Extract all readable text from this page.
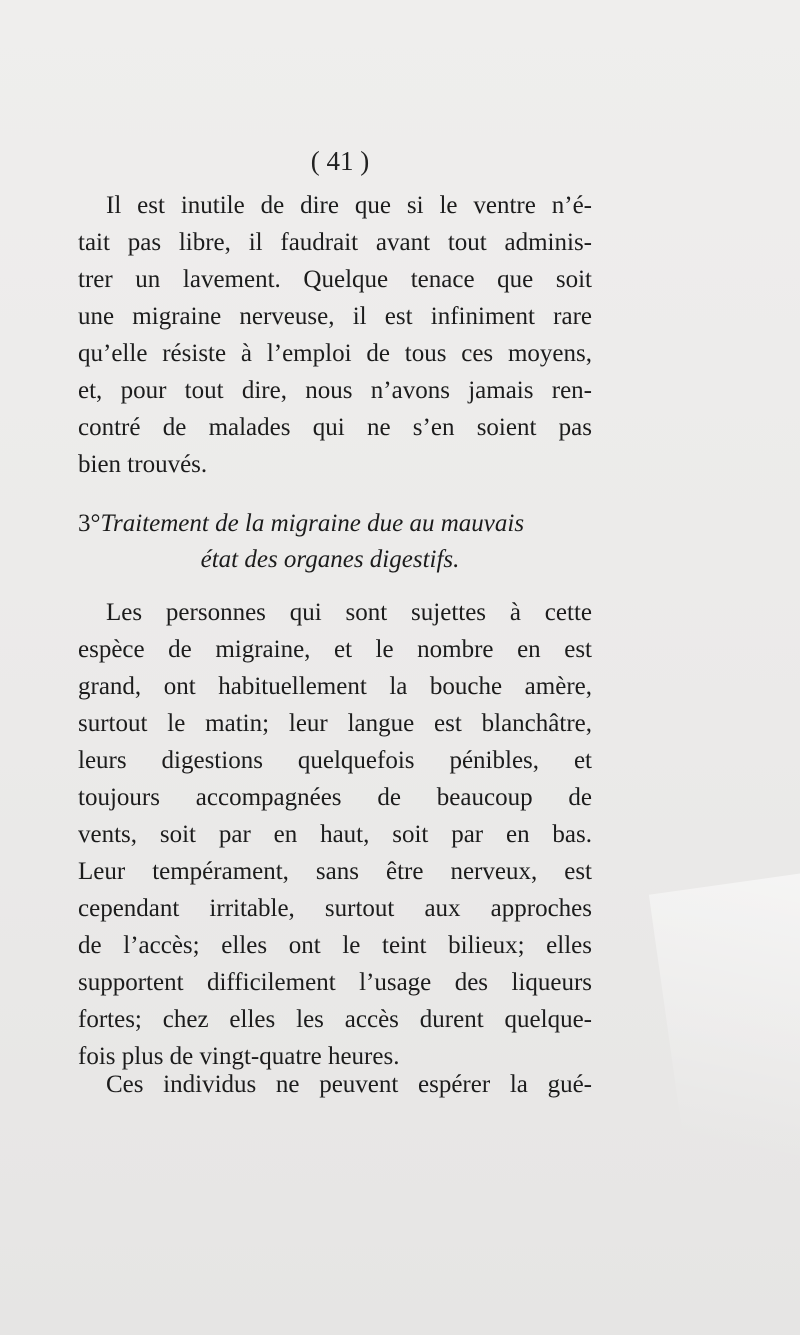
( 41 )
Il est inutile de dire que si le ventre n’é-
tait pas libre, il faudrait avant tout adminis-
trer un lavement. Quelque tenace que soit
une migraine nerveuse, il est infiniment rare
qu’elle résiste à l’emploi de tous ces moyens,
et, pour tout dire, nous n’avons jamais ren-
contré de malades qui ne s’en soient pas
bien trouvés.
3°Traitement de la migraine due au mauvais
état des organes digestifs.
Les personnes qui sont sujettes à cette
espèce de migraine, et le nombre en est
grand, ont habituellement la bouche amère,
surtout le matin; leur langue est blanchâtre,
leurs digestions quelquefois pénibles, et
toujours accompagnées de beaucoup de
vents, soit par en haut, soit par en bas.
Leur tempérament, sans être nerveux, est
cependant irritable, surtout aux approches
de l’accès; elles ont le teint bilieux; elles
supportent difficilement l’usage des liqueurs
fortes; chez elles les accès durent quelque-
fois plus de vingt-quatre heures.
Ces individus ne peuvent espérer la gué-
